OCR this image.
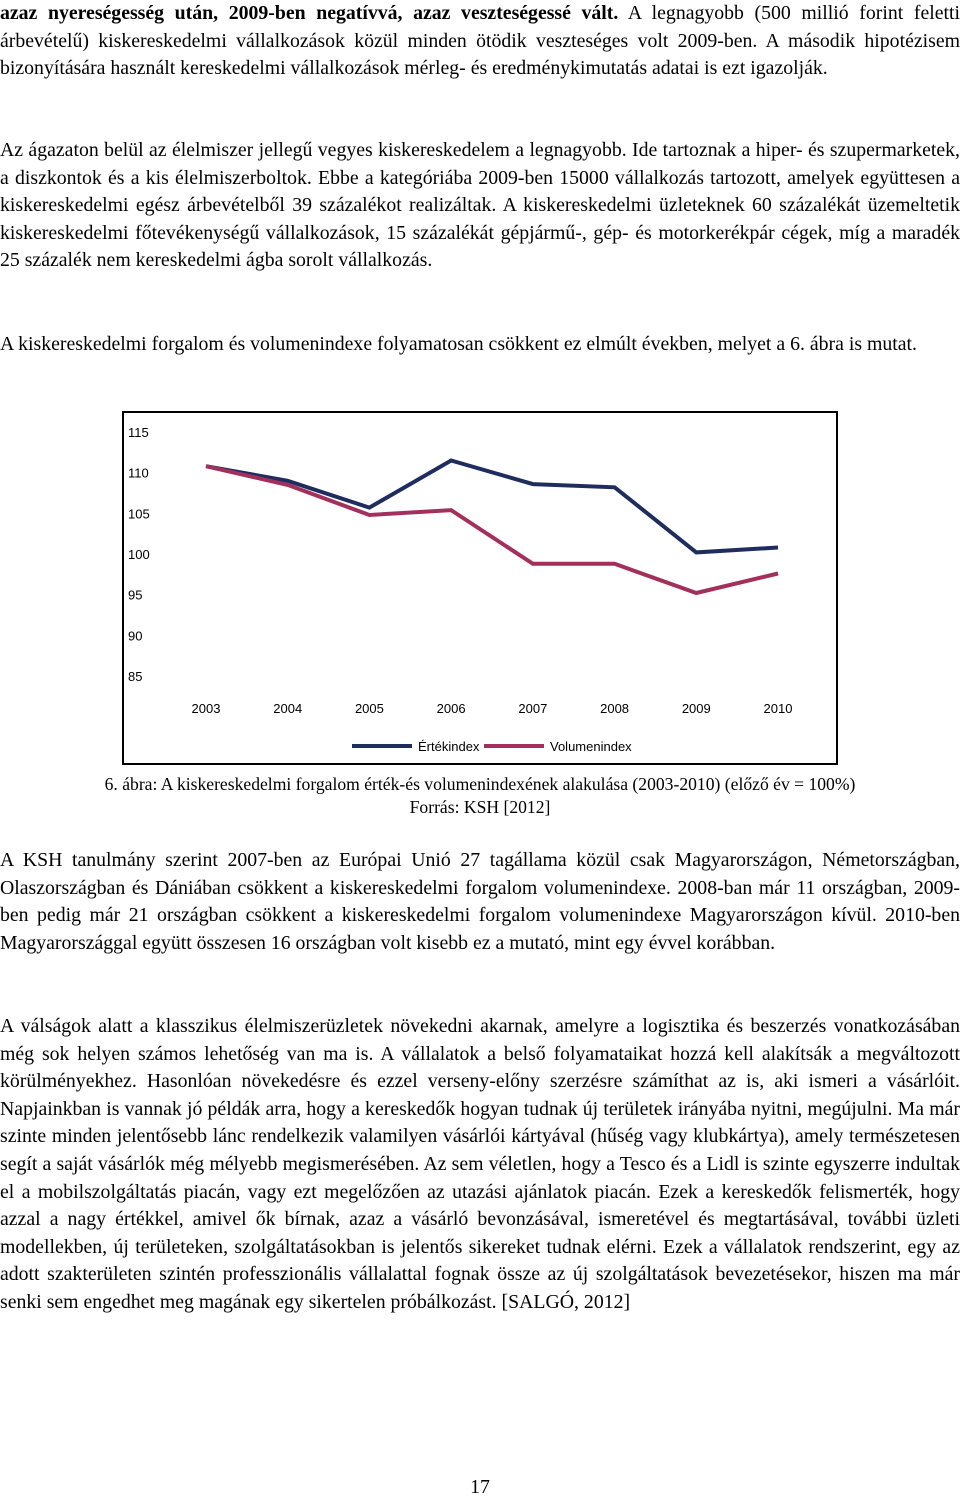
azaz nyereségesség után, 2009-ben negatívvá, azaz veszteségessé vált. A legnagyobb (500 millió forint feletti árbevételű) kiskereskedelmi vállalkozások közül minden ötödik veszteséges volt 2009-ben. A második hipotézisem bizonyítására használt kereskedelmi vállalkozások mérleg- és eredménykimutatás adatai is ezt igazolják.

Az ágazaton belül az élelmiszer jellegű vegyes kiskereskedelem a legnagyobb. Ide tartoznak a hiper- és szupermarketek, a diszkontok és a kis élelmiszerboltok. Ebbe a kategóriába 2009-ben 15000 vállalkozás tartozott, amelyek együttesen a kiskereskedelmi egész árbevételből 39 százalékot realizáltak. A kiskereskedelmi üzleteknek 60 százalékát üzemeltetik kiskereskedelmi főtevékenységű vállalkozások, 15 százalékát gépjármű-, gép- és motorkerékpár cégek, míg a maradék 25 százalék nem kereskedelmi ágba sorolt vállalkozás.

A kiskereskedelmi forgalom és volumenindexe folyamatosan csökkent ez elmúlt években, melyet a 6. ábra is mutat.

115
110
105
100
95
90
85
2003	2004	2005	2006	2007	2008	2009	2010
Értékindex	Volumenindex
6. ábra: A kiskereskedelmi forgalom érték-és volumenindexének alakulása (2003-2010) (előző év = 100%)
Forrás: KSH [2012]

A KSH tanulmány szerint 2007-ben az Európai Unió 27 tagállama közül csak Magyarországon, Németországban, Olaszországban és Dániában csökkent a kiskereskedelmi forgalom volumenindexe. 2008-ban már 11 országban, 2009-ben pedig már 21 országban csökkent a kiskereskedelmi forgalom volumenindexe Magyarországon kívül. 2010-ben Magyarországgal együtt összesen 16 országban volt kisebb ez a mutató, mint egy évvel korábban.

A válságok alatt a klasszikus élelmiszerüzletek növekedni akarnak, amelyre a logisztika és beszerzés vonatkozásában még sok helyen számos lehetőség van ma is. A vállalatok a belső folyamataikat hozzá kell alakítsák a megváltozott körülményekhez. Hasonlóan növekedésre és ezzel verseny-előny szerzésre számíthat az is, aki ismeri a vásárlóit. Napjainkban is vannak jó példák arra, hogy a kereskedők hogyan tudnak új területek irányába nyitni, megújulni. Ma már szinte minden jelentősebb lánc rendelkezik valamilyen vásárlói kártyával (hűség vagy klubkártya), amely természetesen segít a saját vásárlók még mélyebb megismerésében. Az sem véletlen, hogy a Tesco és a Lidl is szinte egyszerre indultak el a mobilszolgáltatás piacán, vagy ezt megelőzően az utazási ajánlatok piacán. Ezek a kereskedők felismerték, hogy azzal a nagy értékkel, amivel ők bírnak, azaz a vásárló bevonzásával, ismeretével és megtartásával, további üzleti modellekben, új területeken, szolgáltatásokban is jelentős sikereket tudnak elérni. Ezek a vállalatok rendszerint, egy az adott szakterületen szintén professzionális vállalattal fognak össze az új szolgáltatások bevezetésekor, hiszen ma már senki sem engedhet meg magának egy sikertelen próbálkozást. [SALGÓ, 2012]

17
